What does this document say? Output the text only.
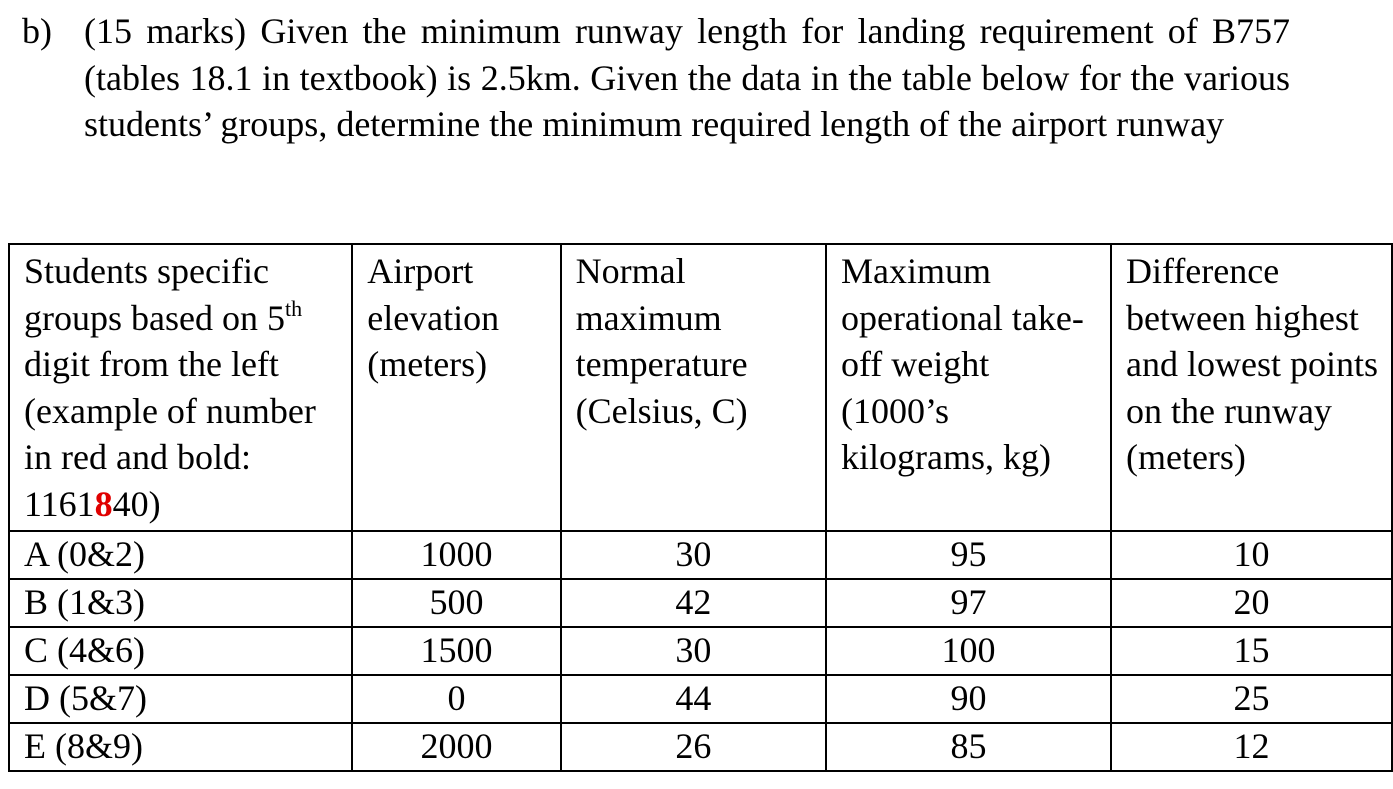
b) (15 marks) Given the minimum runway length for landing requirement of B757 (tables 18.1 in textbook) is 2.5km. Given the data in the table below for the various students’ groups, determine the minimum required length of the airport runway
Students specific groups based on 5th digit from the left (example of number in red and bold: 1161840)	Airport elevation (meters)	Normal maximum temperature (Celsius, C)	Maximum operational take-off weight (1000’s kilograms, kg)	Difference between highest and lowest points on the runway (meters)
A (0&2)	1000	30	95	10
B (1&3)	500	42	97	20
C (4&6)	1500	30	100	15
D (5&7)	0	44	90	25
E (8&9)	2000	26	85	12
